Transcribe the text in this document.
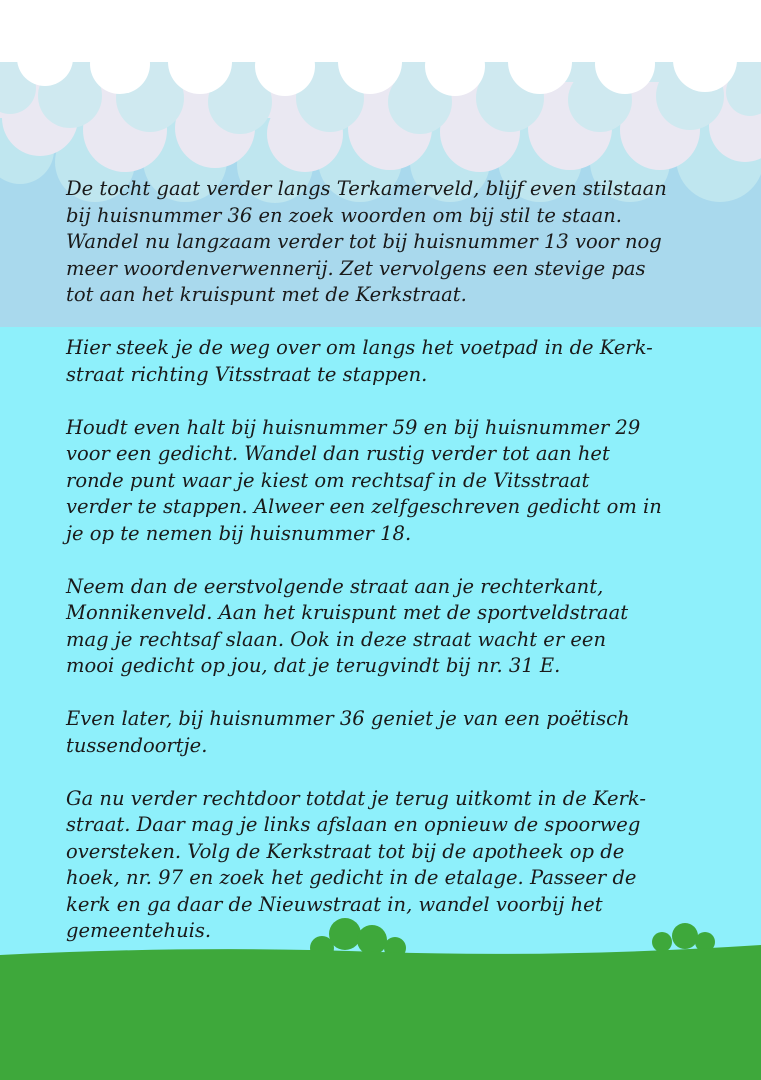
De tocht gaat verder langs Terkamerveld, blijf even stilstaan
bij huisnummer 36 en zoek woorden om bij stil te staan.
Wandel nu langzaam verder tot bij huisnummer 13 voor nog
meer woordenverwennerij. Zet vervolgens een stevige pas
tot aan het kruispunt met de Kerkstraat.

Hier steek je de weg over om langs het voetpad in de Kerk-
straat richting Vitsstraat te stappen.

Houdt even halt bij huisnummer 59 en bij huisnummer 29
voor een gedicht. Wandel dan rustig verder tot aan het
ronde punt waar je kiest om rechtsaf in de Vitsstraat
verder te stappen. Alweer een zelfgeschreven gedicht om in
je op te nemen bij huisnummer 18.

Neem dan de eerstvolgende straat aan je rechterkant,
Monnikenveld. Aan het kruispunt met de sportveldstraat
mag je rechtsaf slaan. Ook in deze straat wacht er een
mooi gedicht op jou, dat je terugvindt bij nr. 31 E.

Even later, bij huisnummer 36 geniet je van een poëtisch
tussendoortje.

Ga nu verder rechtdoor totdat je terug uitkomt in de Kerk-
straat. Daar mag je links afslaan en opnieuw de spoorweg
oversteken. Volg de Kerkstraat tot bij de apotheek op de
hoek, nr. 97 en zoek het gedicht in de etalage. Passeer de
kerk en ga daar de Nieuwstraat in, wandel voorbij het
gemeentehuis.
